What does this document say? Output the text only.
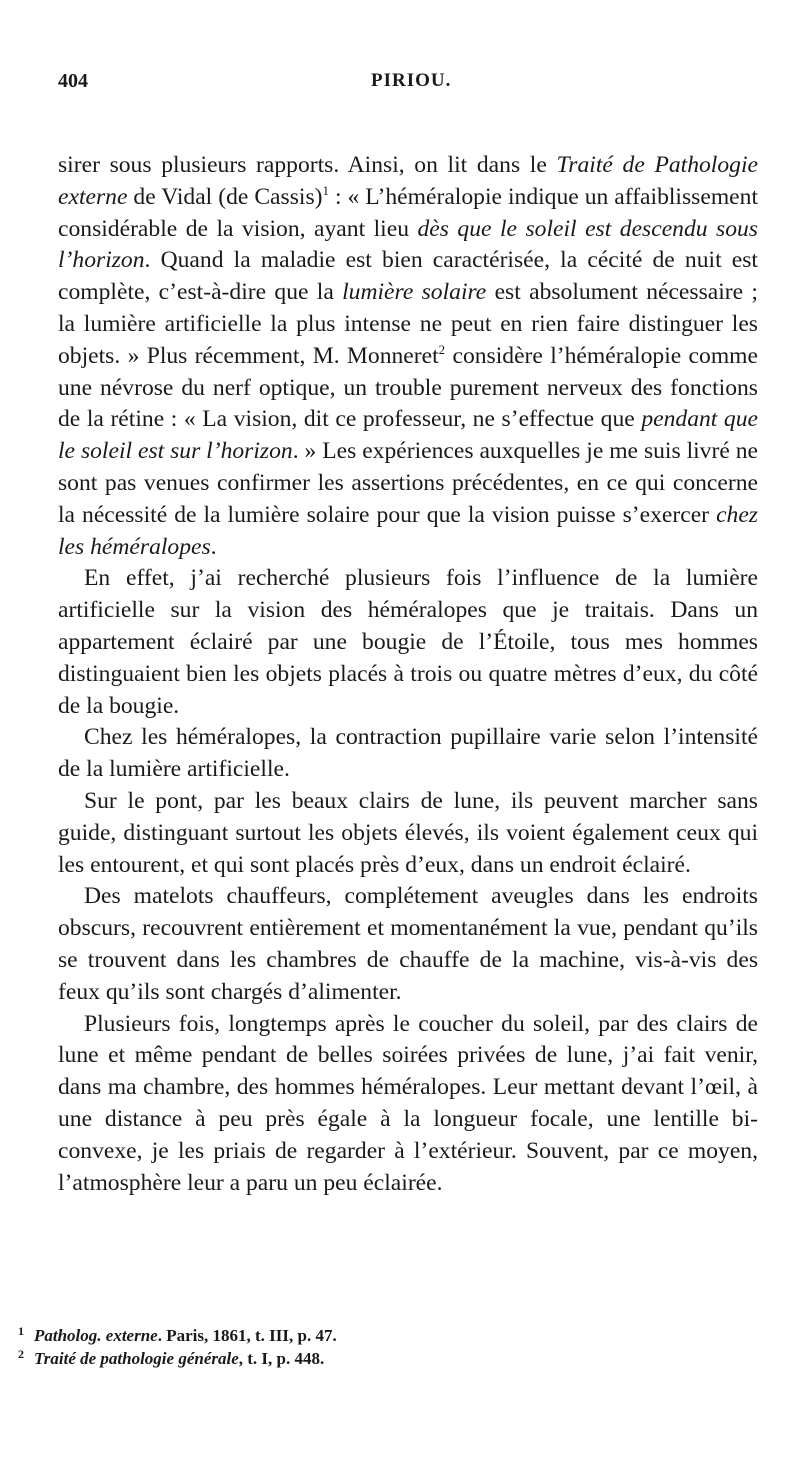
404	PIRIOU.

sirer sous plusieurs rapports. Ainsi, on lit dans le Traité de Pathologie externe de Vidal (de Cassis)$^1$ : « L’héméralopie indique un affaiblissement considérable de la vision, ayant lieu dès que le soleil est descendu sous l’horizon. Quand la maladie est bien caractérisée, la cécité de nuit est complète, c’est-à-dire que la lumière solaire est absolument nécessaire ; la lumière artificielle la plus intense ne peut en rien faire distinguer les objets. » Plus récemment, M. Monneret$^2$ considère l’héméralopie comme une névrose du nerf optique, un trouble purement nerveux des fonctions de la rétine : « La vision, dit ce professeur, ne s’effectue que pendant que le soleil est sur l’horizon. » Les expériences auxquelles je me suis livré ne sont pas venues confirmer les assertions précédentes, en ce qui concerne la nécessité de la lumière solaire pour que la vision puisse s’exercer chez les héméralopes.

En effet, j’ai recherché plusieurs fois l’influence de la lumière artificielle sur la vision des héméralopes que je traitais. Dans un appartement éclairé par une bougie de l’Étoile, tous mes hommes distinguaient bien les objets placés à trois ou quatre mètres d’eux, du côté de la bougie.

Chez les héméralopes, la contraction pupillaire varie selon l’intensité de la lumière artificielle.

Sur le pont, par les beaux clairs de lune, ils peuvent marcher sans guide, distinguant surtout les objets élevés, ils voient également ceux qui les entourent, et qui sont placés près d’eux, dans un endroit éclairé.

Des matelots chauffeurs, complétement aveugles dans les endroits obscurs, recouvrent entièrement et momentanément la vue, pendant qu’ils se trouvent dans les chambres de chauffe de la machine, vis-à-vis des feux qu’ils sont chargés d’alimenter.

Plusieurs fois, longtemps après le coucher du soleil, par des clairs de lune et même pendant de belles soirées privées de lune, j’ai fait venir, dans ma chambre, des hommes héméralopes. Leur mettant devant l’œil, à une distance à peu près égale à la longueur focale, une lentille bi-convexe, je les priais de regarder à l’extérieur. Souvent, par ce moyen, l’atmosphère leur a paru un peu éclairée.

$^1$ Patholog. externe. Paris, 1861, t. III, p. 47.

$^2$ Traité de pathologie générale, t. I, p. 448.
